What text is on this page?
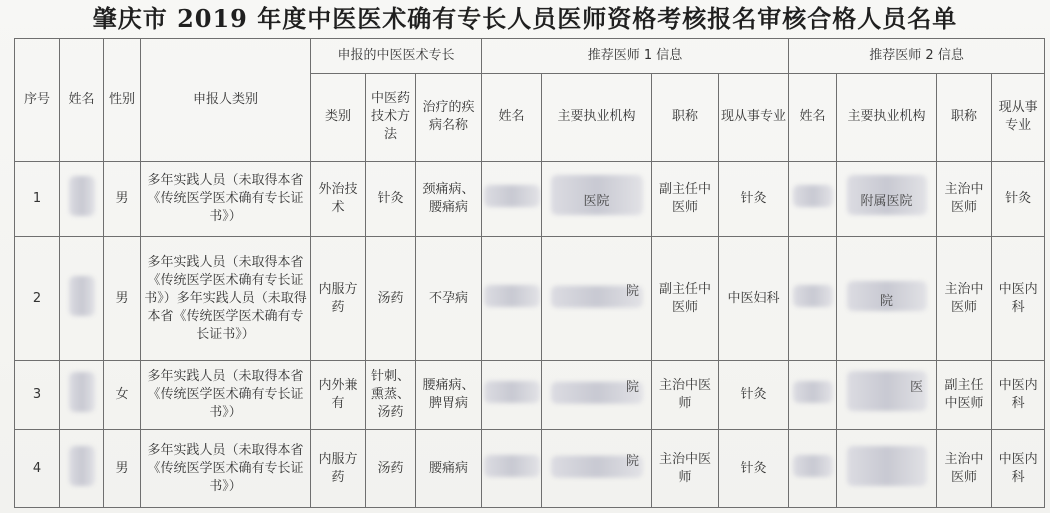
肇庆市 2019 年度中医医术确有专长人员医师资格考核报名审核合格人员名单
序号	姓名	性别	申报人类别	申报的中医医术专长			推荐医师 1 信息				推荐医师 2 信息			
				类别	中医药技术方法	治疗的疾病名称	姓名	主要执业机构	职称	现从事专业	姓名	主要执业机构	职称	现从事专业
1		男	多年实践人员（未取得本省《传统医学医术确有专长证书》）	外治技术	针灸	颈痛病、腰痛病		医院	副主任中医师	针灸		附属医院	主治中医师	针灸
2		男	多年实践人员（未取得本省《传统医学医术确有专长证书》）多年实践人员（未取得本省《传统医学医术确有专长证书》）	内服方药	汤药	不孕病		院	副主任中医师	中医妇科		院	主治中医师	中医内科
3		女	多年实践人员（未取得本省《传统医学医术确有专长证书》）	内外兼有	针刺、熏蒸、汤药	腰痛病、脾胃病		院	主治中医师	针灸		医	副主任中医师	中医内科
4		男	多年实践人员（未取得本省《传统医学医术确有专长证书》）	内服方药	汤药	腰痛病		院	主治中医师	针灸			主治中医师	中医内科
